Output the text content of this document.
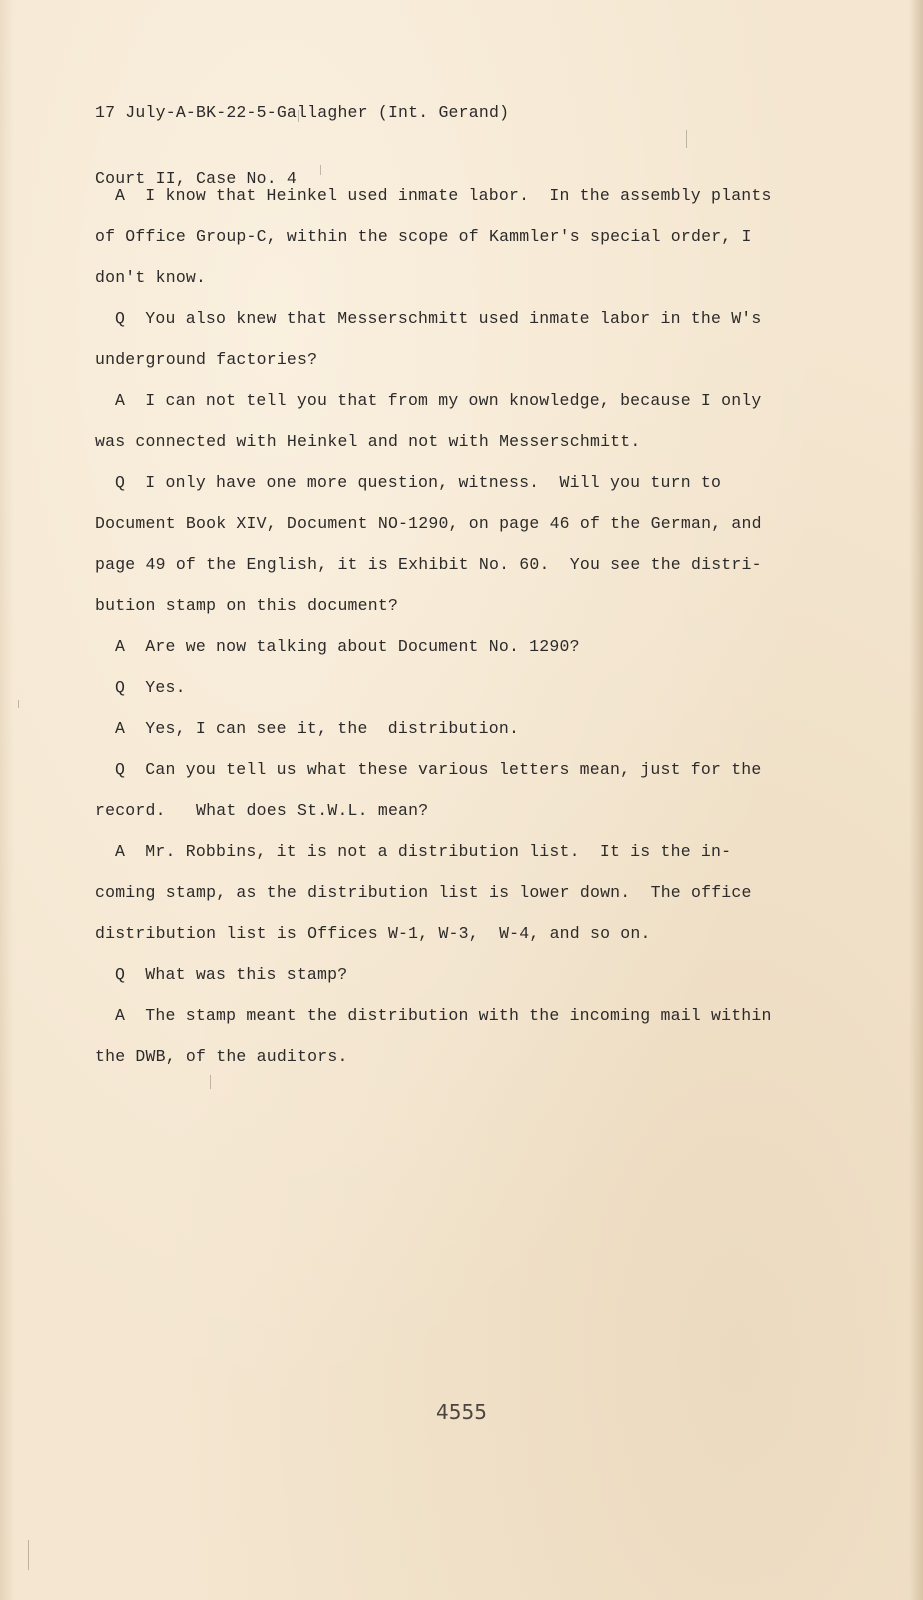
17 July-A-BK-22-5-Gallagher (Int. Gerand)

Court II, Case No. 4

A  I know that Heinkel used inmate labor.  In the assembly plants
of Office Group-C, within the scope of Kammler's special order, I
don't know.
Q  You also knew that Messerschmitt used inmate labor in the W's
underground factories?
A  I can not tell you that from my own knowledge, because I only
was connected with Heinkel and not with Messerschmitt.
Q  I only have one more question, witness.  Will you turn to
Document Book XIV, Document NO-1290, on page 46 of the German, and
page 49 of the English, it is Exhibit No. 60.  You see the distri-
bution stamp on this document?
A  Are we now talking about Document No. 1290?
Q  Yes.
A  Yes, I can see it, the  distribution.
Q  Can you tell us what these various letters mean, just for the
record.   What does St.W.L. mean?
A  Mr. Robbins, it is not a distribution list.  It is the in-
coming stamp, as the distribution list is lower down.  The office
distribution list is Offices W-1, W-3,  W-4, and so on.
Q  What was this stamp?
A  The stamp meant the distribution with the incoming mail within
the DWB, of the auditors.
4555
